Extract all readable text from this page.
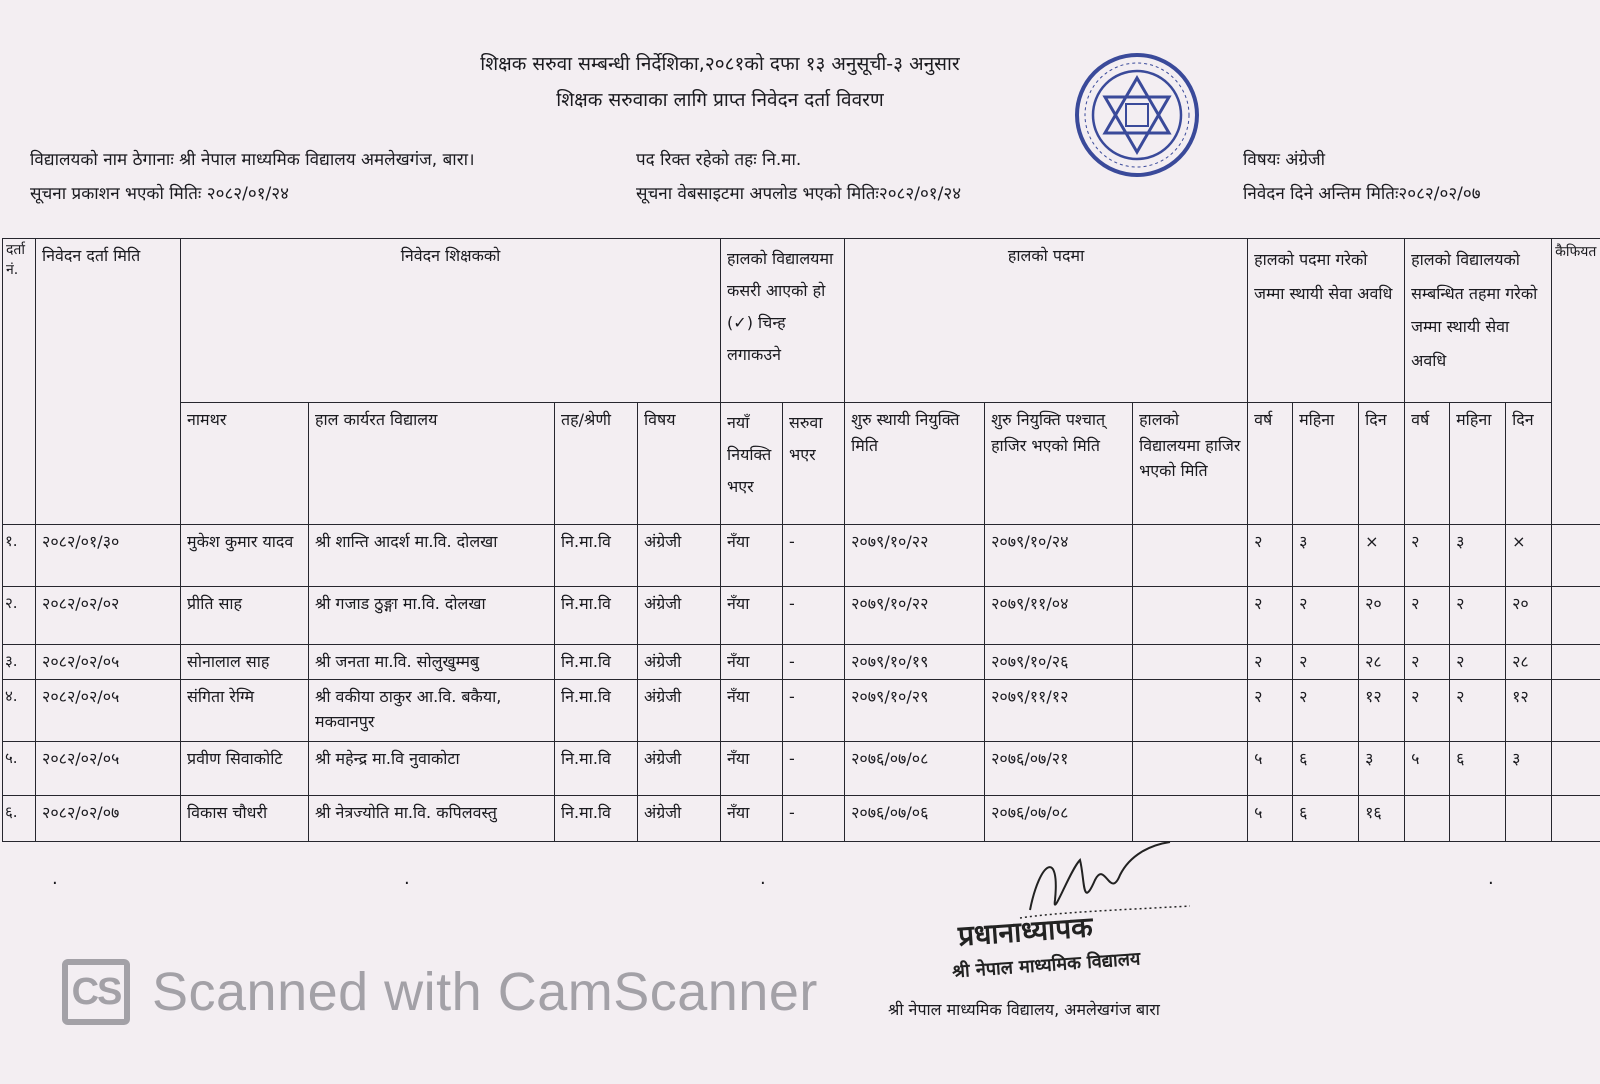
शिक्षक सरुवा सम्बन्धी निर्देशिका,२०८१को दफा १३ अनुसूची-३ अनुसार
शिक्षक सरुवाका लागि प्राप्त निवेदन दर्ता विवरण
विद्यालयको नाम ठेगानाः श्री नेपाल माध्यमिक विद्यालय अमलेखगंज, बारा।
सूचना प्रकाशन भएको मितिः २०८२/०१/२४
पद रिक्त रहेको तहः नि.मा.
सूचना वेबसाइटमा अपलोड भएको मितिः२०८२/०१/२४
विषयः अंग्रेजी
निवेदन दिने अन्तिम मितिः२०८२/०२/०७
दर्ता नं.	निवेदन दर्ता मिति	निवेदन शिक्षकको				हालको विद्यालयमा कसरी आएको हो (✓) चिन्ह लगाकउने		हालको पदमा			हालको पदमा गरेको जम्मा स्थायी सेवा अवधि			हालको विद्यालयको सम्बन्धित तहमा गरेको जम्मा स्थायी सेवा अवधि			कैफियत
		नामथर	हाल कार्यरत विद्यालय	तह/श्रेणी	विषय	नयाँ नियक्ति भएर	सरुवा भएर	शुरु स्थायी नियुक्ति मिति	शुरु नियुक्ति पश्चात् हाजिर भएको मिति	हालको विद्यालयमा हाजिर भएको मिति	वर्ष	महिना	दिन	वर्ष	महिना	दिन	
१.	२०८२/०१/३०	मुकेश कुमार यादव	श्री शान्ति आदर्श मा.वि. दोलखा	नि.मा.वि	अंग्रेजी	नँया	-	२०७९/१०/२२	२०७९/१०/२४		२	३	×	२	३	×	
२.	२०८२/०२/०२	प्रीति साह	श्री गजाड ठुङ्गा मा.वि. दोलखा	नि.मा.वि	अंग्रेजी	नँया	-	२०७९/१०/२२	२०७९/११/०४		२	२	२०	२	२	२०	
३.	२०८२/०२/०५	सोनालाल साह	श्री जनता मा.वि. सोलुखुम्मबु	नि.मा.वि	अंग्रेजी	नँया	-	२०७९/१०/१९	२०७९/१०/२६		२	२	२८	२	२	२८	
४.	२०८२/०२/०५	संगिता रेग्मि	श्री वकीया ठाकुर आ.वि. बकैया, मकवानपुर	नि.मा.वि	अंग्रेजी	नँया	-	२०७९/१०/२९	२०७९/११/१२		२	२	१२	२	२	१२	
५.	२०८२/०२/०५	प्रवीण सिवाकोटि	श्री महेन्द्र मा.वि नुवाकोटा	नि.मा.वि	अंग्रेजी	नँया	-	२०७६/०७/०८	२०७६/०७/२१		५	६	३	५	६	३	
६.	२०८२/०२/०७	विकास चौधरी	श्री नेत्रज्योति मा.वि. कपिलवस्तु	नि.मा.वि	अंग्रेजी	नँया	-	२०७६/०७/०६	२०७६/०७/०८		५	६	१६				
.	.	.	.
प्रधानाध्यापक
श्री नेपाल माध्यमिक विद्यालय
श्री नेपाल माध्यमिक विद्यालय, अमलेखगंज बारा
CS Scanned with CamScanner
